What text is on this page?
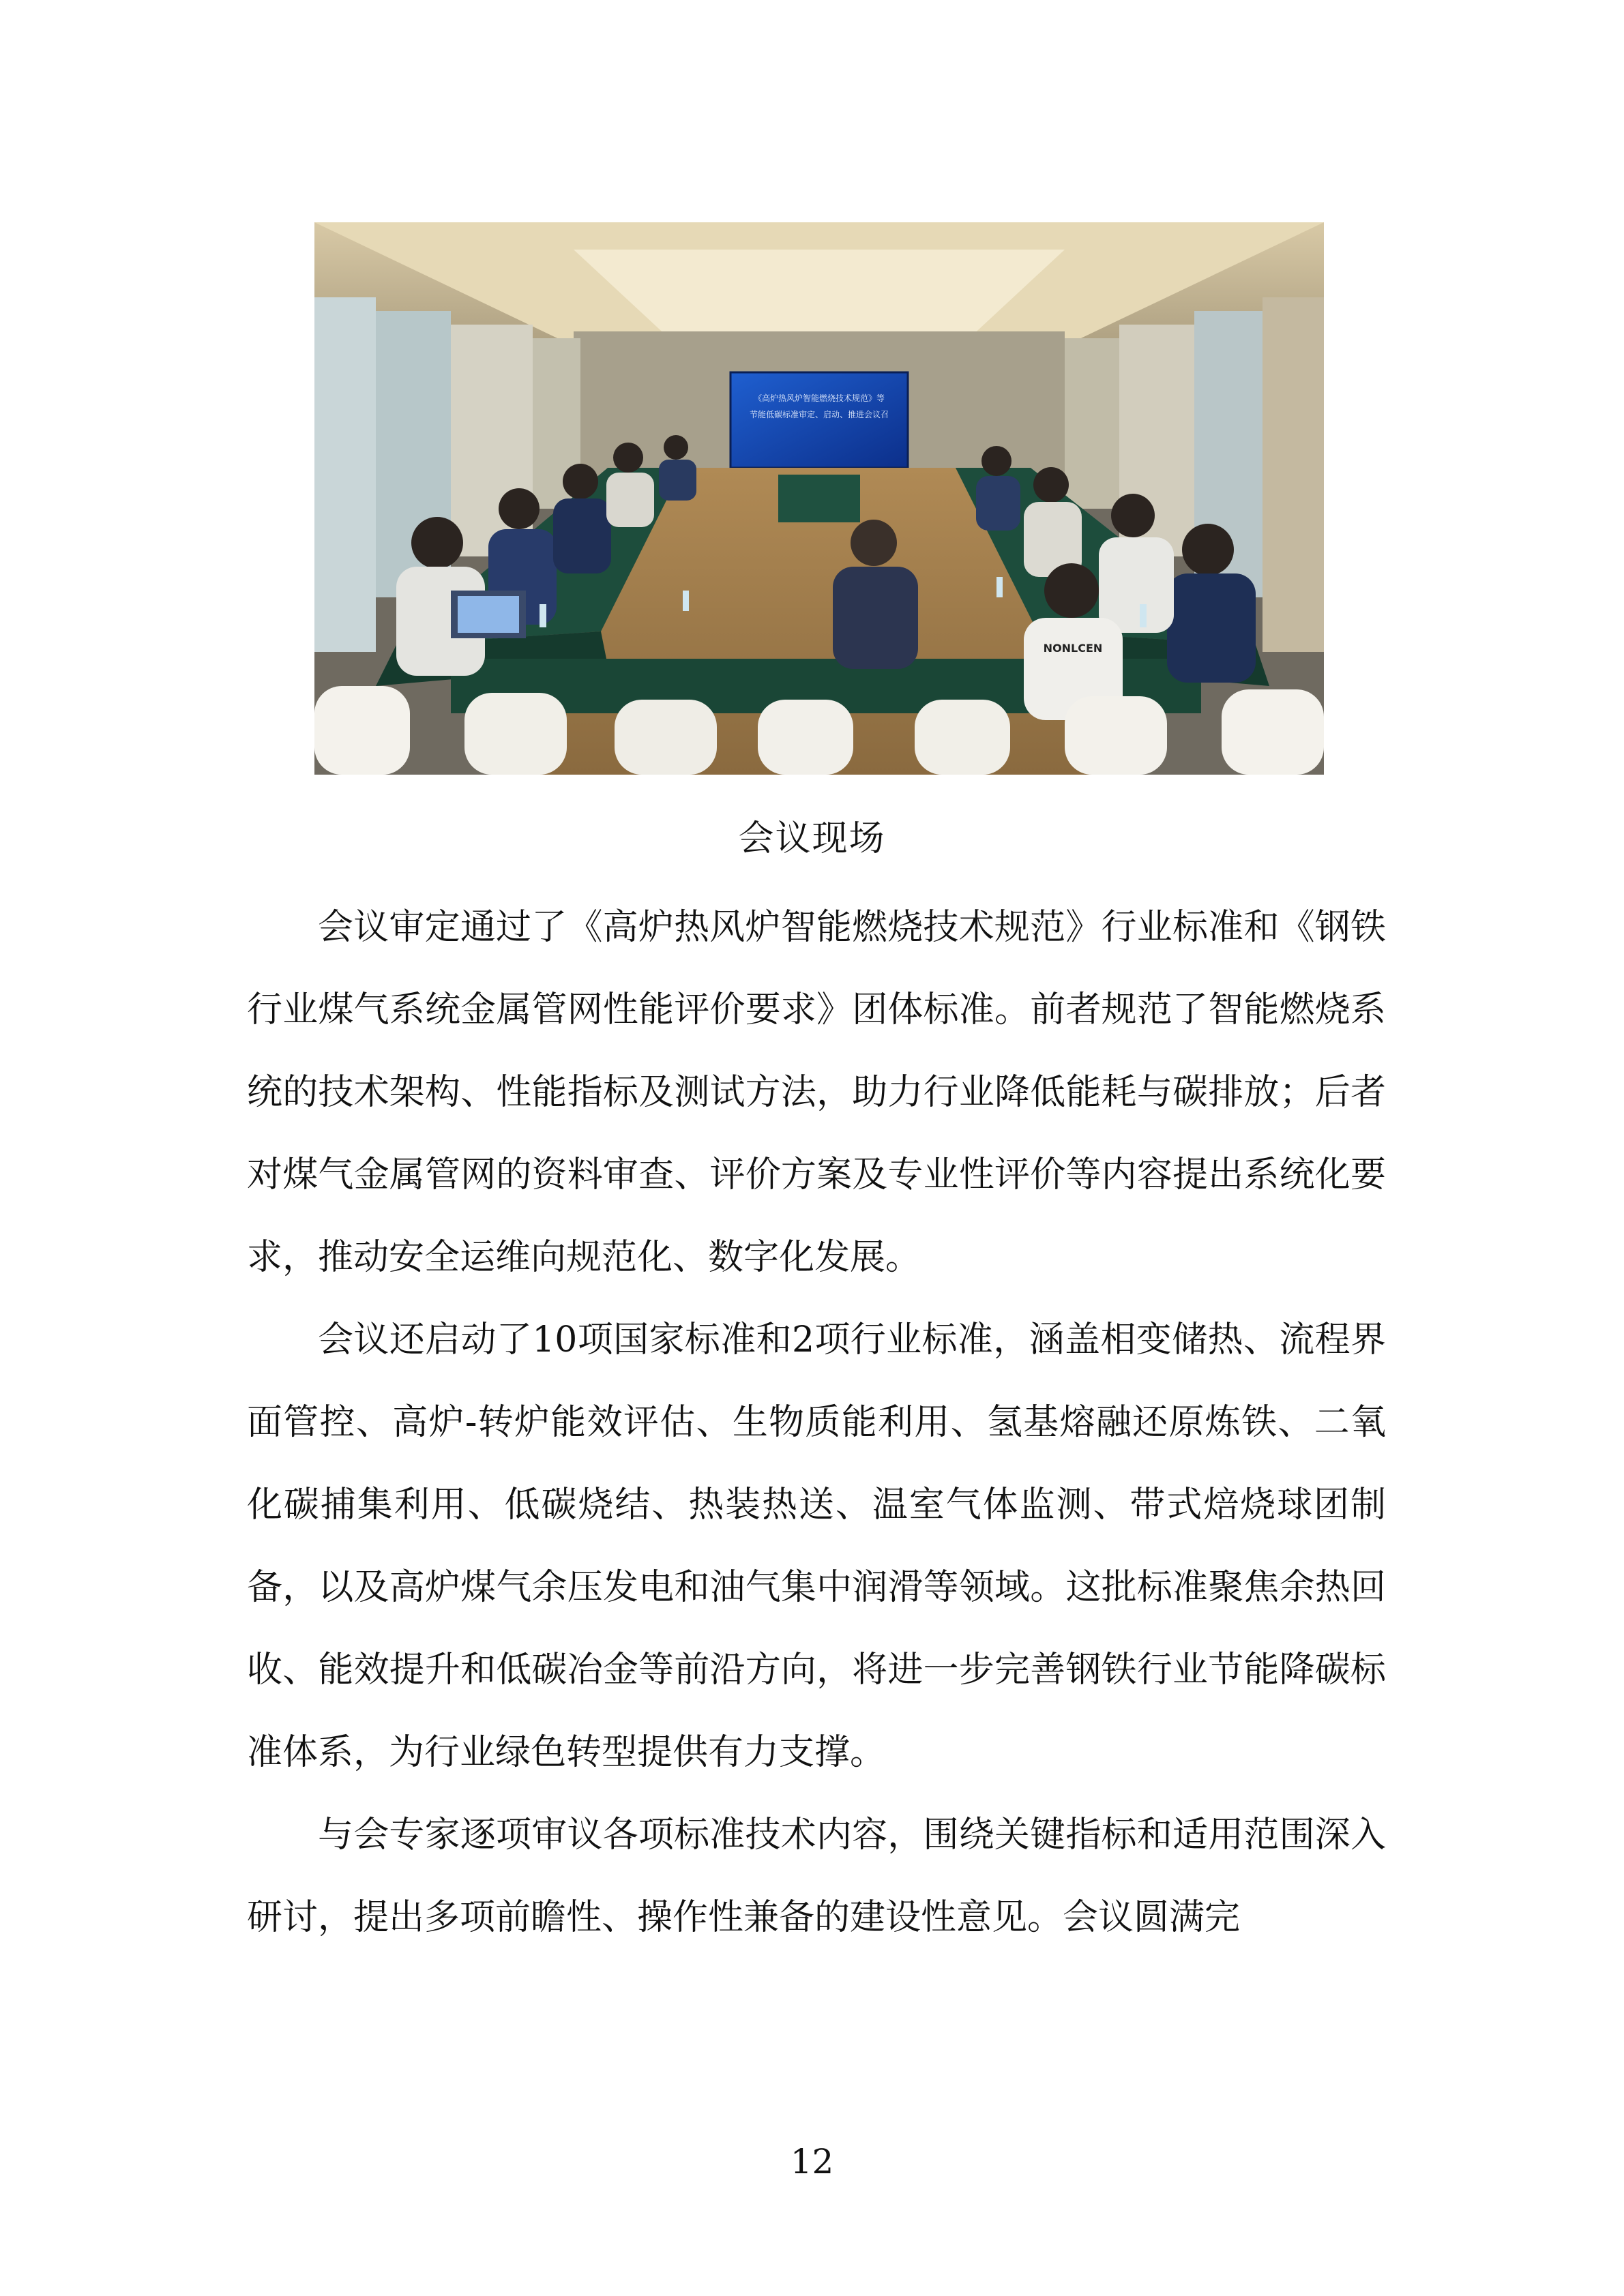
《高炉热风炉智能燃烧技术规范》等
节能低碳标准审定、启动、推进会议召
NONLCEN
会议现场

会议审定通过了《高炉热风炉智能燃烧技术规范》行业标准和《钢铁行业煤气系统金属管网性能评价要求》团体标准。前者规范了智能燃烧系统的技术架构、性能指标及测试方法，助力行业降低能耗与碳排放；后者对煤气金属管网的资料审查、评价方案及专业性评价等内容提出系统化要求，推动安全运维向规范化、数字化发展。

会议还启动了10项国家标准和2项行业标准，涵盖相变储热、流程界面管控、高炉-转炉能效评估、生物质能利用、氢基熔融还原炼铁、二氧化碳捕集利用、低碳烧结、热装热送、温室气体监测、带式焙烧球团制备，以及高炉煤气余压发电和油气集中润滑等领域。这批标准聚焦余热回收、能效提升和低碳冶金等前沿方向，将进一步完善钢铁行业节能降碳标准体系，为行业绿色转型提供有力支撑。

与会专家逐项审议各项标准技术内容，围绕关键指标和适用范围深入研讨，提出多项前瞻性、操作性兼备的建设性意见。会议圆满完

12
